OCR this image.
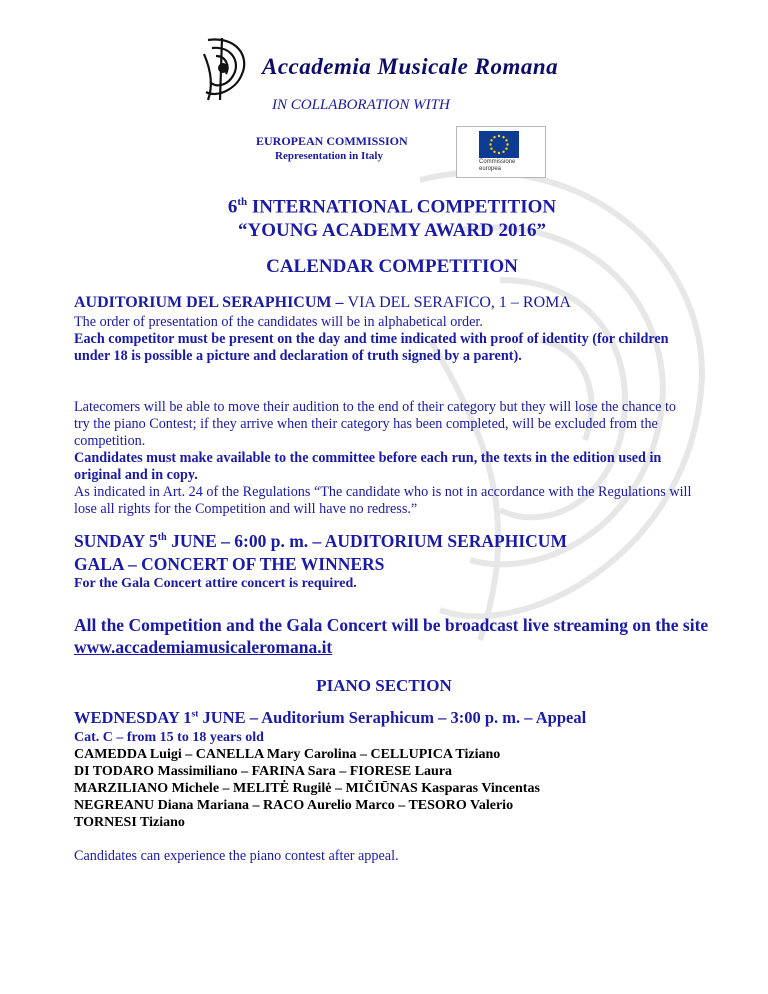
Accademia Musicale Romana
IN COLLABORATION WITH
EUROPEAN COMMISSION
Representation in Italy	Commissione
europea
6th INTERNATIONAL COMPETITION
“YOUNG ACADEMY AWARD 2016”
CALENDAR COMPETITION
AUDITORIUM DEL SERAPHICUM – VIA DEL SERAFICO, 1 – ROMA
The order of presentation of the candidates will be in alphabetical order.
Each competitor must be present on the day and time indicated with proof of identity (for children under 18 is possible a picture and declaration of truth signed by a parent).
Latecomers will be able to move their audition to the end of their category but they will lose the chance to try the piano Contest; if they arrive when their category has been completed, will be excluded from the competition.
Candidates must make available to the committee before each run, the texts in the edition used in original and in copy.
As indicated in Art. 24 of the Regulations “The candidate who is not in accordance with the Regulations will lose all rights for the Competition and will have no redress.”
SUNDAY 5th JUNE – 6:00 p. m. – AUDITORIUM SERAPHICUM
GALA – CONCERT OF THE WINNERS
For the Gala Concert attire concert is required.
All the Competition and the Gala Concert will be broadcast live streaming on the site www.accademiamusicaleromana.it
PIANO SECTION
WEDNESDAY 1st JUNE – Auditorium Seraphicum – 3:00 p. m. – Appeal
Cat. C – from 15 to 18 years old
CAMEDDA Luigi – CANELLA Mary Carolina – CELLUPICA Tiziano
DI TODARO Massimiliano – FARINA Sara – FIORESE Laura
MARZILIANO Michele – MELITĖ Rugilė – MIČIŪNAS Kasparas Vincentas
NEGREANU Diana Mariana – RACO Aurelio Marco – TESORO Valerio
TORNESI Tiziano
Candidates can experience the piano contest after appeal.
